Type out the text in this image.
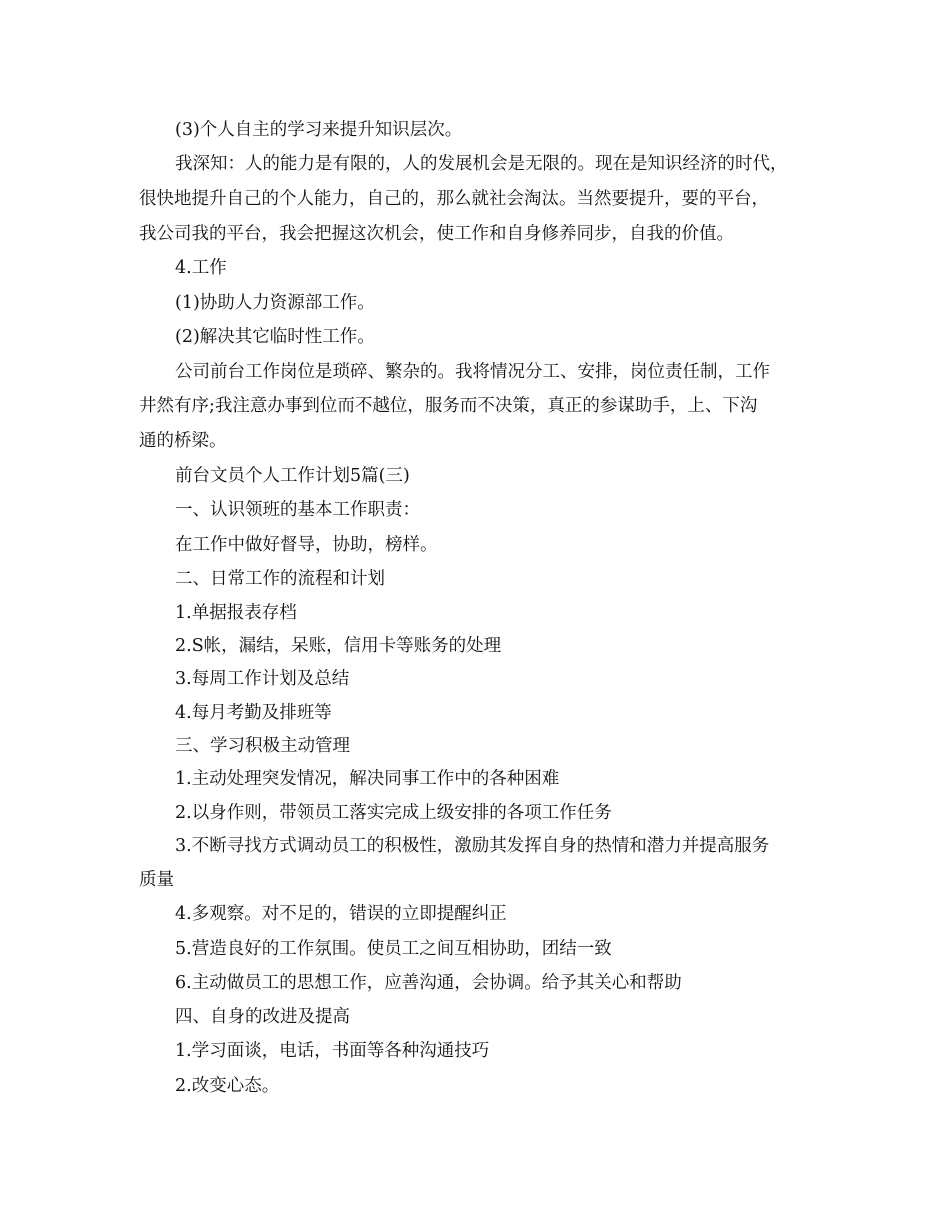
(3)个人自主的学习来提升知识层次。
我深知：人的能力是有限的，人的发展机会是无限的。现在是知识经济的时代，
很快地提升自己的个人能力，自己的，那么就社会淘汰。当然要提升，要的平台，
我公司我的平台，我会把握这次机会，使工作和自身修养同步，自我的价值。
4.工作
(1)协助人力资源部工作。
(2)解决其它临时性工作。
公司前台工作岗位是琐碎、繁杂的。我将情况分工、安排，岗位责任制，工作
井然有序;我注意办事到位而不越位，服务而不决策，真正的参谋助手，上、下沟
通的桥梁。
前台文员个人工作计划5篇(三)
一、认识领班的基本工作职责：
在工作中做好督导，协助，榜样。
二、日常工作的流程和计划
1.单据报表存档
2.S帐，漏结，呆账，信用卡等账务的处理
3.每周工作计划及总结
4.每月考勤及排班等
三、学习积极主动管理
1.主动处理突发情况，解决同事工作中的各种困难
2.以身作则，带领员工落实完成上级安排的各项工作任务
3.不断寻找方式调动员工的积极性，激励其发挥自身的热情和潜力并提高服务
质量
4.多观察。对不足的，错误的立即提醒纠正
5.营造良好的工作氛围。使员工之间互相协助，团结一致
6.主动做员工的思想工作，应善沟通，会协调。给予其关心和帮助
四、自身的改进及提高
1.学习面谈，电话，书面等各种沟通技巧
2.改变心态。
